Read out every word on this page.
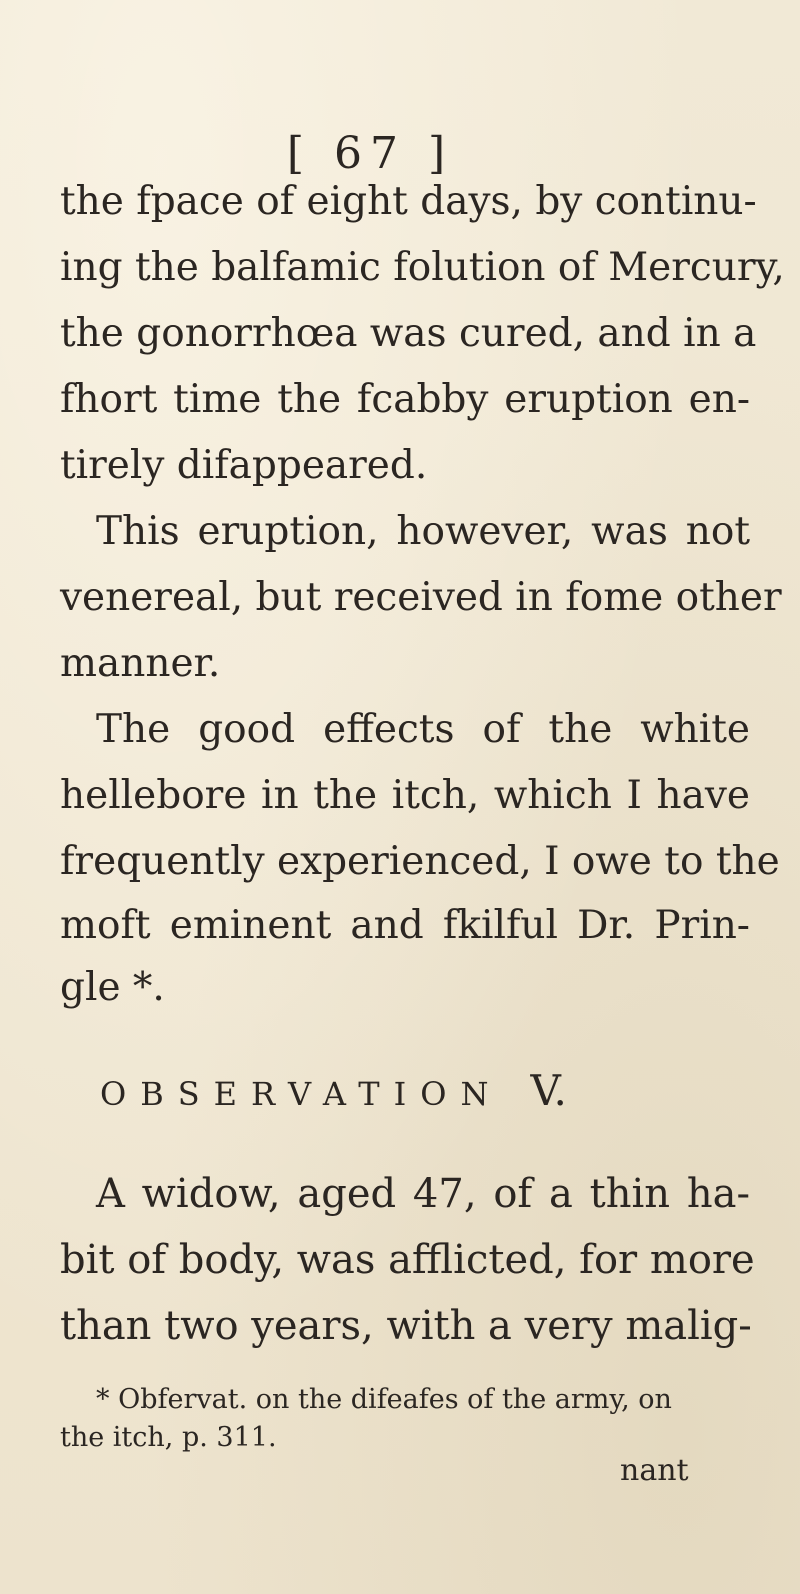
[ 67 ]
the fpace of eight days, by continu-
ing the balfamic folution of Mercury,
the gonorrhœa was cured, and in a
fhort time the fcabby eruption en-
tirely difappeared.
This eruption, however, was not
venereal, but received in fome other
manner.
The good effects of the white
hellebore in the itch, which I have
frequently experienced, I owe to the
moft eminent and fkilful Dr. Prin-
gle *.
OBSERVATION V.
A widow, aged 47, of a thin ha-
bit of body, was afflicted, for more
than two years, with a very malig-
* Obfervat. on the difeafes of the army, on
the itch, p. 311.
nant
